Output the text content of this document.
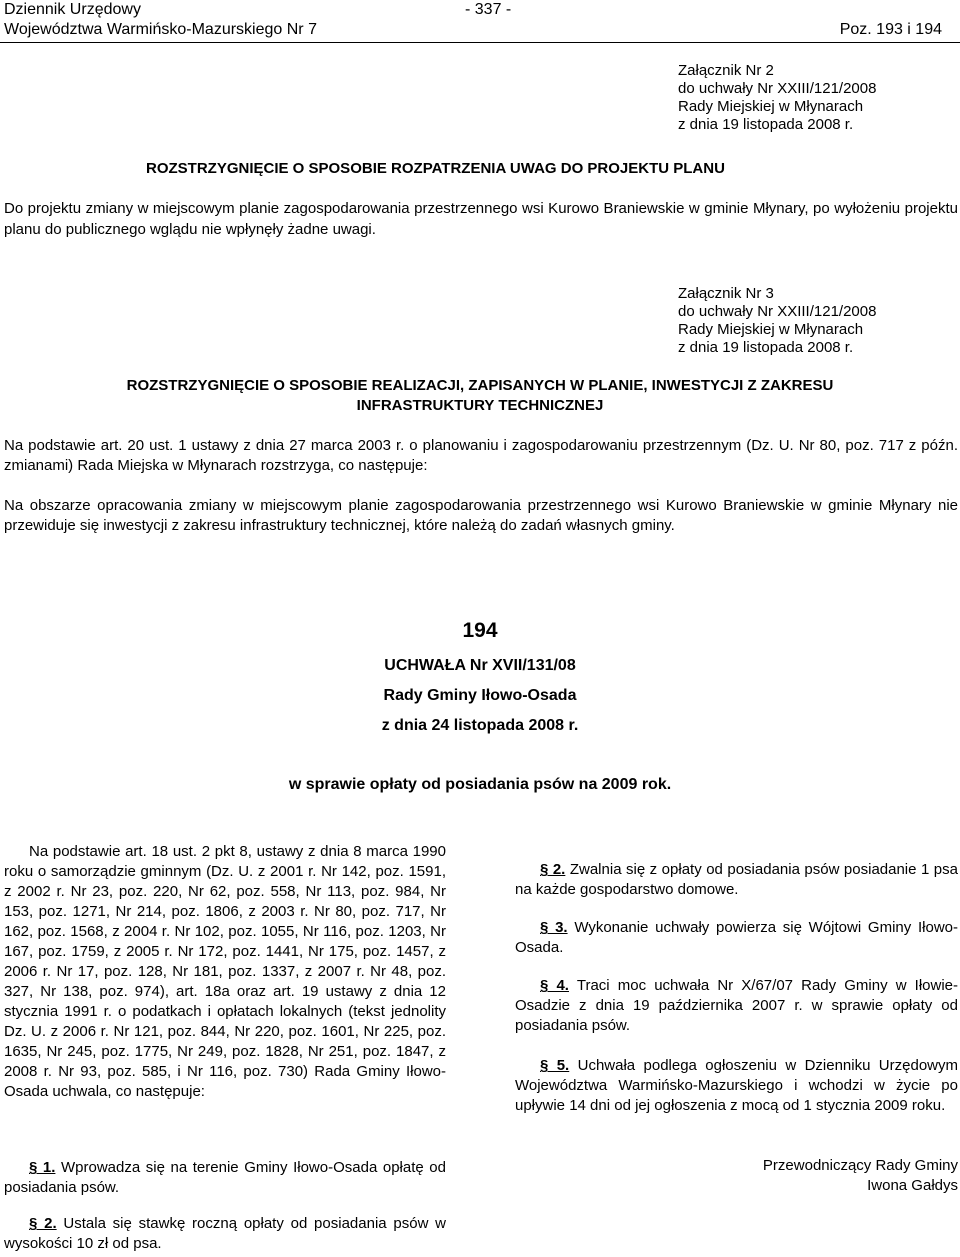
Dziennik Urzędowy	- 337 -
Województwa Warmińsko-Mazurskiego Nr 7	Poz. 193 i 194
Załącznik Nr 2
do uchwały Nr XXIII/121/2008
Rady Miejskiej w Młynarach
z dnia 19 listopada 2008 r.
ROZSTRZYGNIĘCIE O SPOSOBIE ROZPATRZENIA UWAG DO PROJEKTU PLANU
Do projektu zmiany w miejscowym planie zagospodarowania przestrzennego wsi Kurowo Braniewskie w gminie Młynary, po wyłożeniu projektu planu do publicznego wglądu nie wpłynęły żadne uwagi.
Załącznik Nr 3
do uchwały Nr XXIII/121/2008
Rady Miejskiej w Młynarach
z dnia 19 listopada 2008 r.
ROZSTRZYGNIĘCIE O SPOSOBIE REALIZACJI, ZAPISANYCH W PLANIE, INWESTYCJI Z ZAKRESU
INFRASTRUKTURY TECHNICZNEJ
Na podstawie art. 20 ust. 1 ustawy z dnia 27 marca 2003 r. o planowaniu i zagospodarowaniu przestrzennym (Dz. U. Nr 80, poz. 717 z późn. zmianami) Rada Miejska w Młynarach rozstrzyga, co następuje:
Na obszarze opracowania zmiany w miejscowym planie zagospodarowania przestrzennego wsi Kurowo Braniewskie w gminie Młynary nie przewiduje się inwestycji z zakresu infrastruktury technicznej, które należą do zadań własnych gminy.
194
UCHWAŁA Nr XVII/131/08
Rady Gminy Iłowo-Osada
z dnia 24 listopada 2008 r.
w sprawie opłaty od posiadania psów na 2009 rok.
Na podstawie art. 18 ust. 2 pkt 8, ustawy z dnia 8 marca 1990 roku o samorządzie gminnym (Dz. U. z 2001 r. Nr 142, poz. 1591, z 2002 r. Nr 23, poz. 220, Nr 62, poz. 558, Nr 113, poz. 984, Nr 153, poz. 1271, Nr 214, poz. 1806, z 2003 r. Nr 80, poz. 717, Nr 162, poz. 1568, z 2004 r. Nr 102, poz. 1055, Nr 116, poz. 1203, Nr 167, poz. 1759, z 2005 r. Nr 172, poz. 1441, Nr 175, poz. 1457, z 2006 r. Nr 17, poz. 128, Nr 181, poz. 1337, z 2007 r. Nr 48, poz. 327, Nr 138, poz. 974), art. 18a oraz art. 19 ustawy z dnia 12 stycznia 1991 r. o podatkach i opłatach lokalnych (tekst jednolity Dz. U. z 2006 r. Nr 121, poz. 844, Nr 220, poz. 1601, Nr 225, poz. 1635, Nr 245, poz. 1775, Nr 249, poz. 1828, Nr 251, poz. 1847, z 2008 r. Nr 93, poz. 585, i Nr 116, poz. 730) Rada Gminy Iłowo-Osada uchwala, co następuje:
§ 1. Wprowadza się na terenie Gminy Iłowo-Osada opłatę od posiadania psów.
§ 2. Ustala się stawkę roczną opłaty od posiadania psów w wysokości 10 zł od psa.
§ 2. Zwalnia się z opłaty od posiadania psów posiadanie 1 psa na każde gospodarstwo domowe.
§ 3. Wykonanie uchwały powierza się Wójtowi Gminy Iłowo-Osada.
§ 4. Traci moc uchwała Nr X/67/07 Rady Gminy w Iłowie-Osadzie z dnia 19 października 2007 r. w sprawie opłaty od posiadania psów.
§ 5. Uchwała podlega ogłoszeniu w Dzienniku Urzędowym Województwa Warmińsko-Mazurskiego i wchodzi w życie po upływie 14 dni od jej ogłoszenia z mocą od 1 stycznia 2009 roku.
Przewodniczący Rady Gminy
Iwona Gałdys
